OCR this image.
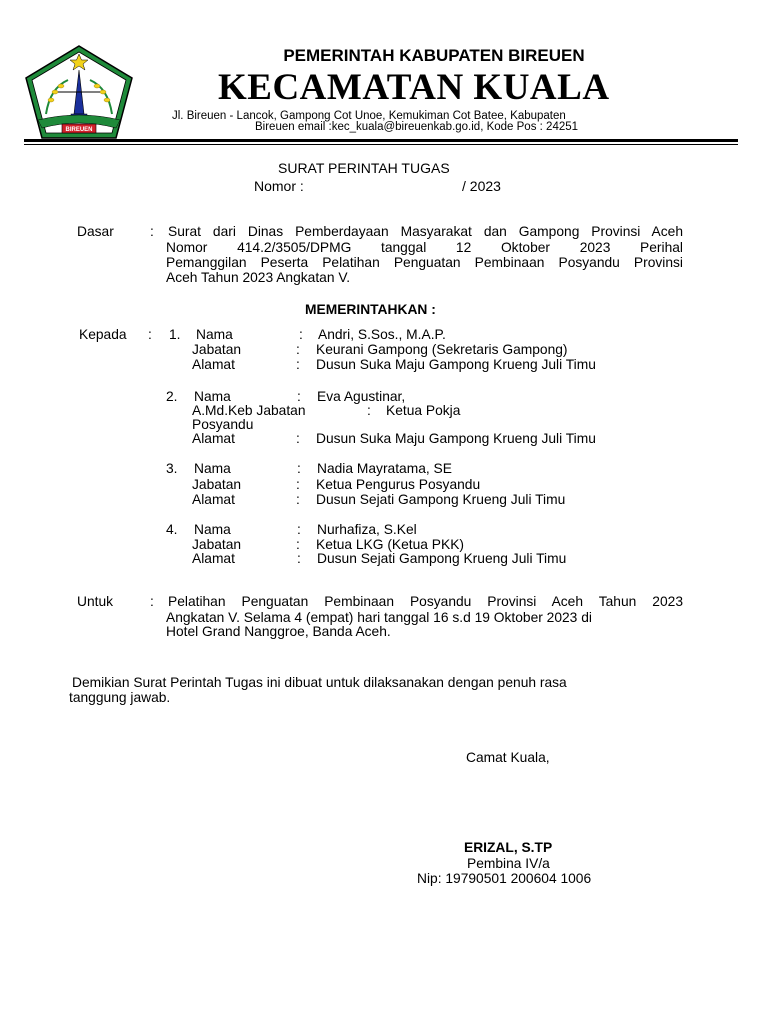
BIREUEN
PEMERINTAH KABUPATEN BIREUEN
KECAMATAN KUALA
Jl. Bireuen - Lancok, Gampong Cot Unoe, Kemukiman Cot Batee, Kabupaten
Bireuen email :kec_kuala@bireuenkab.go.id, Kode Pos : 24251
SURAT PERINTAH TUGAS
Nomor :	/ 2023
Dasar	: Surat dari Dinas Pemberdayaan Masyarakat dan Gampong Provinsi Aceh
Nomor 414.2/3505/DPMG tanggal 12 Oktober 2023 Perihal
Pemanggilan Peserta Pelatihan Penguatan Pembinaan Posyandu Provinsi
Aceh Tahun 2023 Angkatan V.
MEMERINTAHKAN :
Kepada : 1. Nama	: Andri, S.Sos., M.A.P.
Jabatan	: Keurani Gampong (Sekretaris Gampong)
Alamat	: Dusun Suka Maju Gampong Krueng Juli Timu
2. Nama	: Eva Agustinar,
A.Md.Keb Jabatan	: Ketua Pokja
Posyandu
Alamat	: Dusun Suka Maju Gampong Krueng Juli Timu
3. Nama	: Nadia Mayratama, SE
Jabatan	: Ketua Pengurus Posyandu
Alamat	: Dusun Sejati Gampong Krueng Juli Timu
4. Nama	: Nurhafiza, S.Kel
Jabatan	: Ketua LKG (Ketua PKK)
Alamat	: Dusun Sejati Gampong Krueng Juli Timu
Untuk	: Pelatihan Penguatan Pembinaan Posyandu Provinsi Aceh Tahun 2023
Angkatan V. Selama 4 (empat) hari tanggal 16 s.d 19 Oktober 2023 di
Hotel Grand Nanggroe, Banda Aceh.
Demikian Surat Perintah Tugas ini dibuat untuk dilaksanakan dengan penuh rasa
tanggung jawab.
Camat Kuala,
ERIZAL, S.TP
Pembina IV/a
Nip: 19790501 200604 1006
